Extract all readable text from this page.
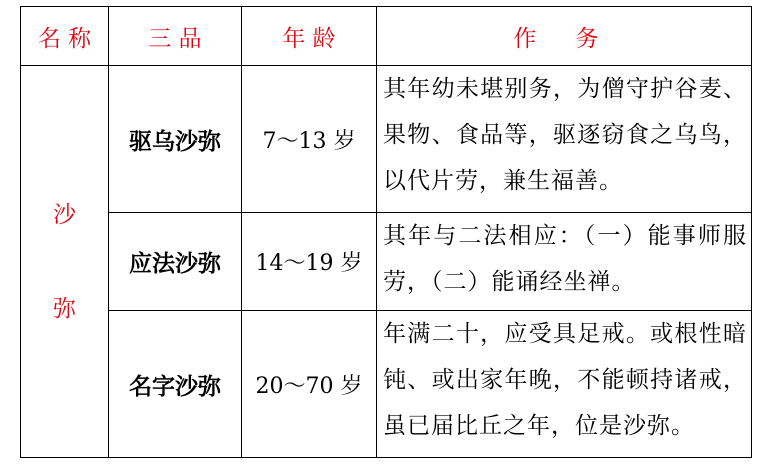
名 称	三 品	年 龄	作 务

沙
弥	驱乌沙弥	7～13 岁	其年幼未堪别务，为僧守护谷麦、果物、食品等，驱逐窃食之乌鸟，以代片劳，兼生福善。
	应法沙弥	14～19 岁	其年与二法相应：（一）能事师服劳，（二）能诵经坐禅。
	名字沙弥	20～70 岁	年满二十，应受具足戒。或根性暗钝、或出家年晚，不能顿持诸戒，虽已届比丘之年，位是沙弥。
